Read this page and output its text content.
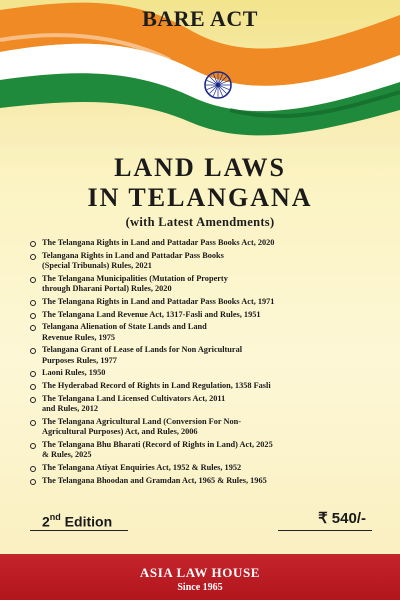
BARE ACT
LAND LAWS
IN TELANGANA
(with Latest Amendments)
The Telangana Rights in Land and Pattadar Pass Books Act, 2020
Telangana Rights in Land and Pattadar Pass Books
(Special Tribunals) Rules, 2021
The Telangana Municipalities (Mutation of Property
through Dharani Portal) Rules, 2020
The Telangana Rights in Land and Pattadar Pass Books Act, 1971
The Telangana Land Revenue Act, 1317-Fasli and Rules, 1951
Telangana Alienation of State Lands and Land
Revenue Rules, 1975
Telangana Grant of Lease of Lands for Non Agricultural
Purposes Rules, 1977
Laoni Rules, 1950
The Hyderabad Record of Rights in Land Regulation, 1358 Fasli
The Telangana Land Licensed Cultivators Act, 2011
and Rules, 2012
The Telangana Agricultural Land (Conversion For Non-
Agricultural Purposes) Act, and Rules, 2006
The Telangana Bhu Bharati (Record of Rights in Land) Act, 2025
& Rules, 2025
The Telangana Atiyat Enquiries Act, 1952 & Rules, 1952
The Telangana Bhoodan and Gramdan Act, 1965 & Rules, 1965
2nd Edition	₹ 540/-
ASIA LAW HOUSE
Since 1965
